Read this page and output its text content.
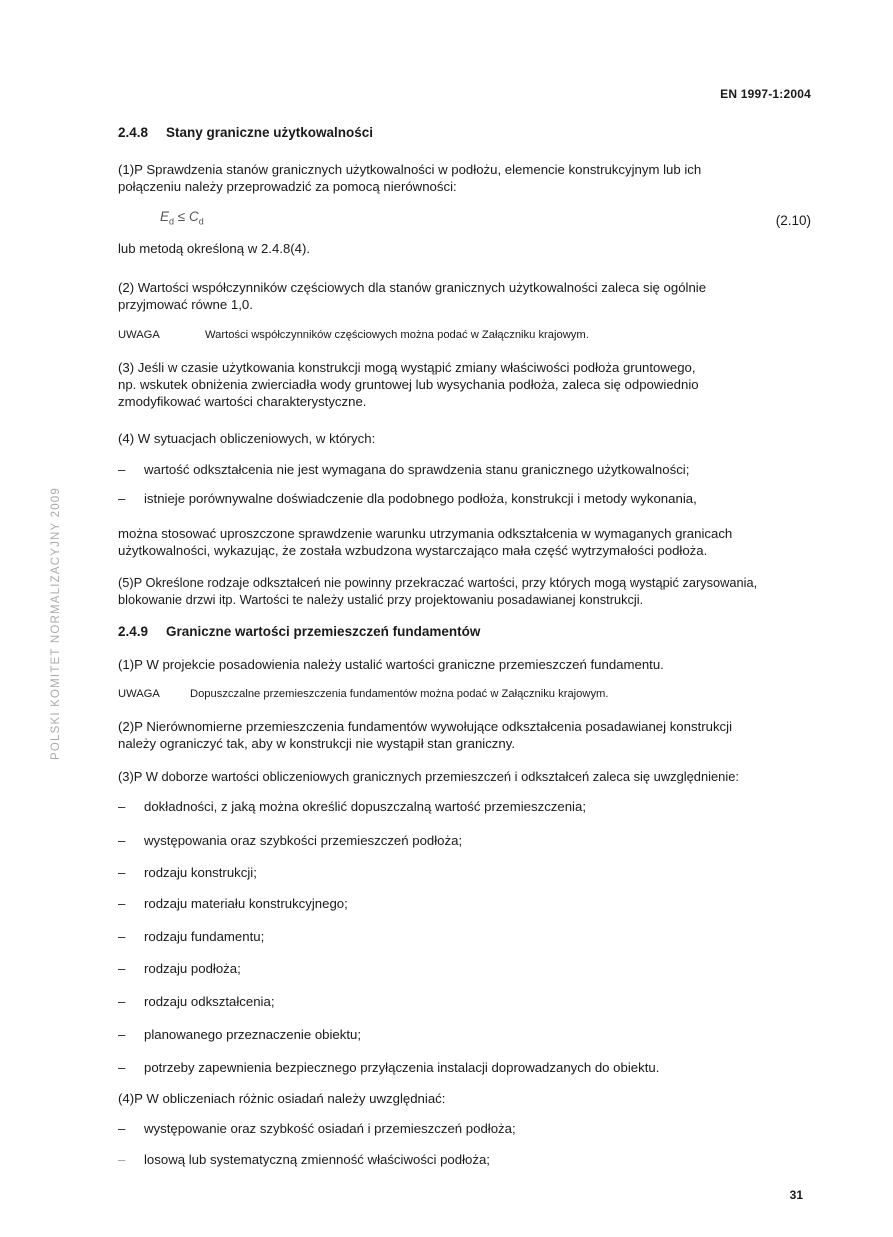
EN 1997-1:2004
POLSKI KOMITET NORMALIZACYJNY 2009
2.4.8 Stany graniczne użytkowalności
(1)P Sprawdzenia stanów granicznych użytkowalności w podłożu, elemencie konstrukcyjnym lub ich
połączeniu należy przeprowadzić za pomocą nierówności:
$E_d \le C_d$	(2.10)
lub metodą określoną w 2.4.8(4).
(2) Wartości współczynników częściowych dla stanów granicznych użytkowalności zaleca się ogólnie
przyjmować równe 1,0.
UWAGA	Wartości współczynników częściowych można podać w Załączniku krajowym.
(3) Jeśli w czasie użytkowania konstrukcji mogą wystąpić zmiany właściwości podłoża gruntowego,
np. wskutek obniżenia zwierciadła wody gruntowej lub wysychania podłoża, zaleca się odpowiednio
zmodyfikować wartości charakterystyczne.
(4) W sytuacjach obliczeniowych, w których:
– wartość odkształcenia nie jest wymagana do sprawdzenia stanu granicznego użytkowalności;
– istnieje porównywalne doświadczenie dla podobnego podłoża, konstrukcji i metody wykonania,
można stosować uproszczone sprawdzenie warunku utrzymania odkształcenia w wymaganych granicach
użytkowalności, wykazując, że została wzbudzona wystarczająco mała część wytrzymałości podłoża.
(5)P Określone rodzaje odkształceń nie powinny przekraczać wartości, przy których mogą wystąpić zarysowania,
blokowanie drzwi itp. Wartości te należy ustalić przy projektowaniu posadawianej konstrukcji.
2.4.9 Graniczne wartości przemieszczeń fundamentów
(1)P W projekcie posadowienia należy ustalić wartości graniczne przemieszczeń fundamentu.
UWAGA	Dopuszczalne przemieszczenia fundamentów można podać w Załączniku krajowym.
(2)P Nierównomierne przemieszczenia fundamentów wywołujące odkształcenia posadawianej konstrukcji
należy ograniczyć tak, aby w konstrukcji nie wystąpił stan graniczny.
(3)P W doborze wartości obliczeniowych granicznych przemieszczeń i odkształceń zaleca się uwzględnienie:
– dokładności, z jaką można określić dopuszczalną wartość przemieszczenia;
– występowania oraz szybkości przemieszczeń podłoża;
– rodzaju konstrukcji;
– rodzaju materiału konstrukcyjnego;
– rodzaju fundamentu;
– rodzaju podłoża;
– rodzaju odkształcenia;
– planowanego przeznaczenie obiektu;
– potrzeby zapewnienia bezpiecznego przyłączenia instalacji doprowadzanych do obiektu.
(4)P W obliczeniach różnic osiadań należy uwzględniać:
– występowanie oraz szybkość osiadań i przemieszczeń podłoża;
– losową lub systematyczną zmienność właściwości podłoża;
31
